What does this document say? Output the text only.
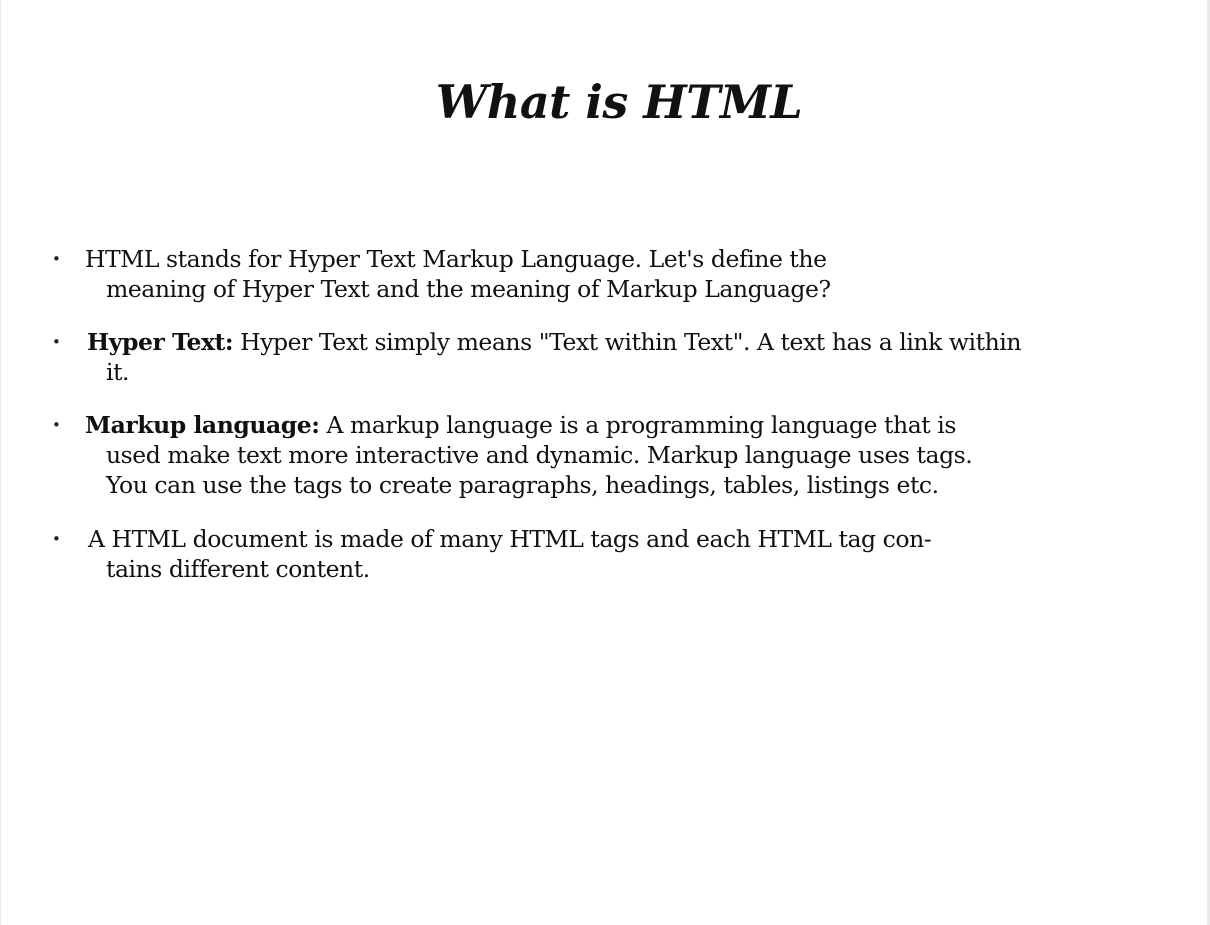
What is HTML
• HTML stands for Hyper Text Markup Language. Let's define the
meaning of Hyper Text and the meaning of Markup Language?
• Hyper Text: Hyper Text simply means "Text within Text". A text has a link within
it.
• Markup language: A markup language is a programming language that is
used make text more interactive and dynamic. Markup language uses tags.
You can use the tags to create paragraphs, headings, tables, listings etc.
• A HTML document is made of many HTML tags and each HTML tag con-
tains different content.
